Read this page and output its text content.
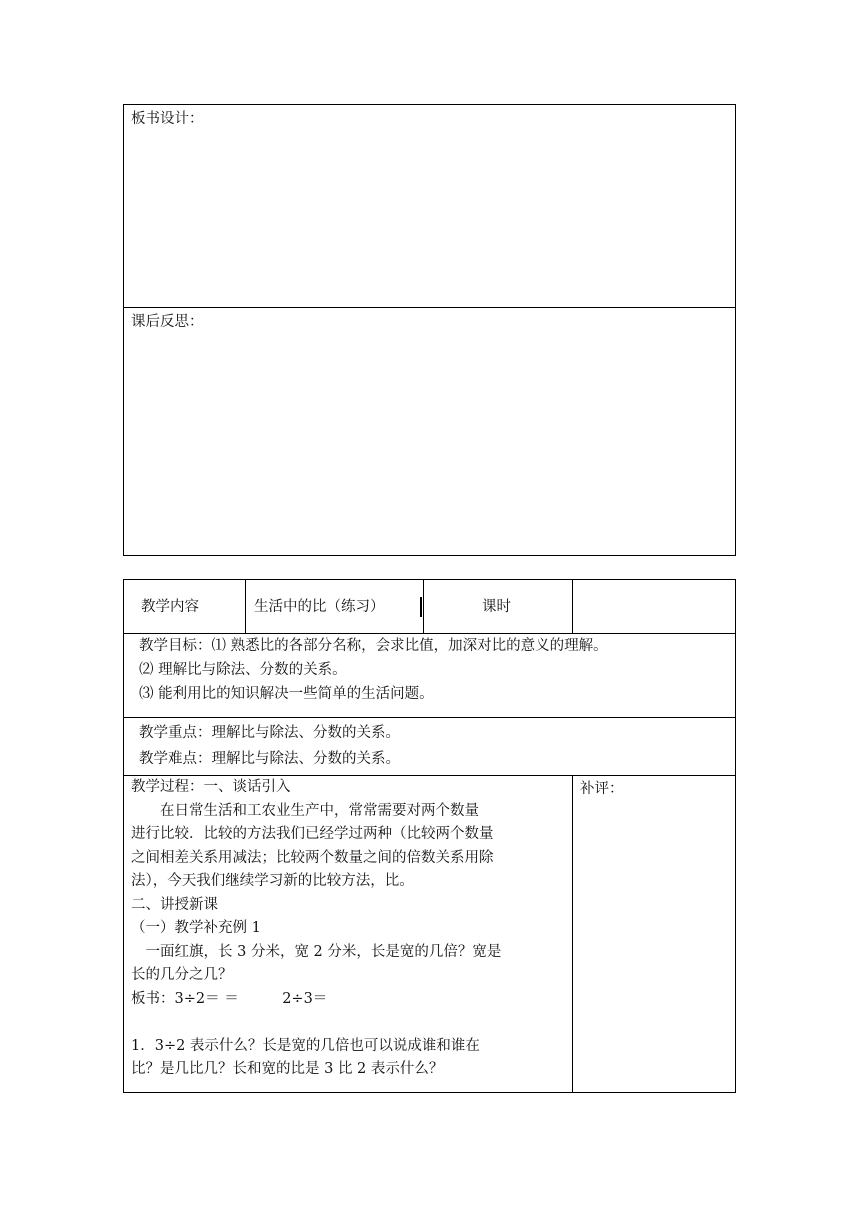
板书设计：
课后反思：
教学内容	生活中的比（练习）	课时
教学目标：⑴ 熟悉比的各部分名称，会求比值，加深对比的意义的理解。
⑵ 理解比与除法、分数的关系。
⑶ 能利用比的知识解决一些简单的生活问题。
教学重点：理解比与除法、分数的关系。
教学难点：理解比与除法、分数的关系。
教学过程：一、谈话引入
　　在日常生活和工农业生产中，常常需要对两个数量
进行比较．比较的方法我们已经学过两种（比较两个数量
之间相差关系用减法；比较两个数量之间的倍数关系用除
法），今天我们继续学习新的比较方法，比。
二、讲授新课
（一）教学补充例 1
　一面红旗，长 3 分米，宽 2 分米，长是宽的几倍？宽是
长的几分之几？
板书：3÷2＝ ＝　　　2÷3＝
1．3÷2 表示什么？长是宽的几倍也可以说成谁和谁在
比？是几比几？长和宽的比是 3 比 2 表示什么？
补评：
